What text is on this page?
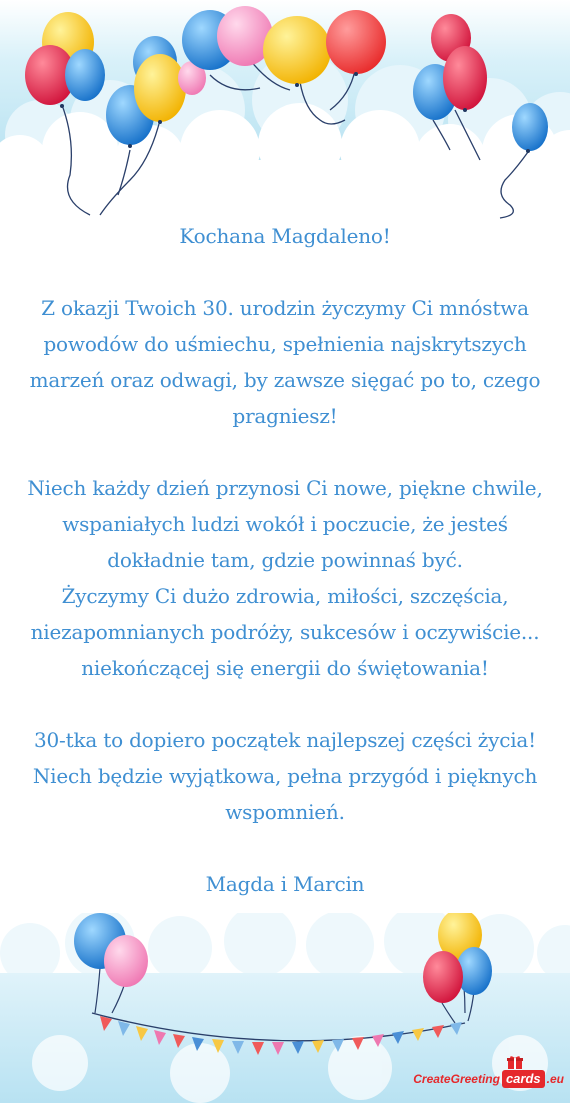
Kochana Magdaleno!

Z okazji Twoich 30. urodzin życzymy Ci mnóstwa

powodów do uśmiechu, spełnienia najskrytszych

marzeń oraz odwagi, by zawsze sięgać po to, czego

pragniesz!

Niech każdy dzień przynosi Ci nowe, piękne chwile,

wspaniałych ludzi wokół i poczucie, że jesteś

dokładnie tam, gdzie powinnaś być.

Życzymy Ci dużo zdrowia, miłości, szczęścia,

niezapomnianych podróży, sukcesów i oczywiście...

niekończącej się energii do świętowania!

30-tka to dopiero początek najlepszej części życia!

Niech będzie wyjątkowa, pełna przygód i pięknych

wspomnień.

Magda i Marcin

CreateGreeting cards .eu
